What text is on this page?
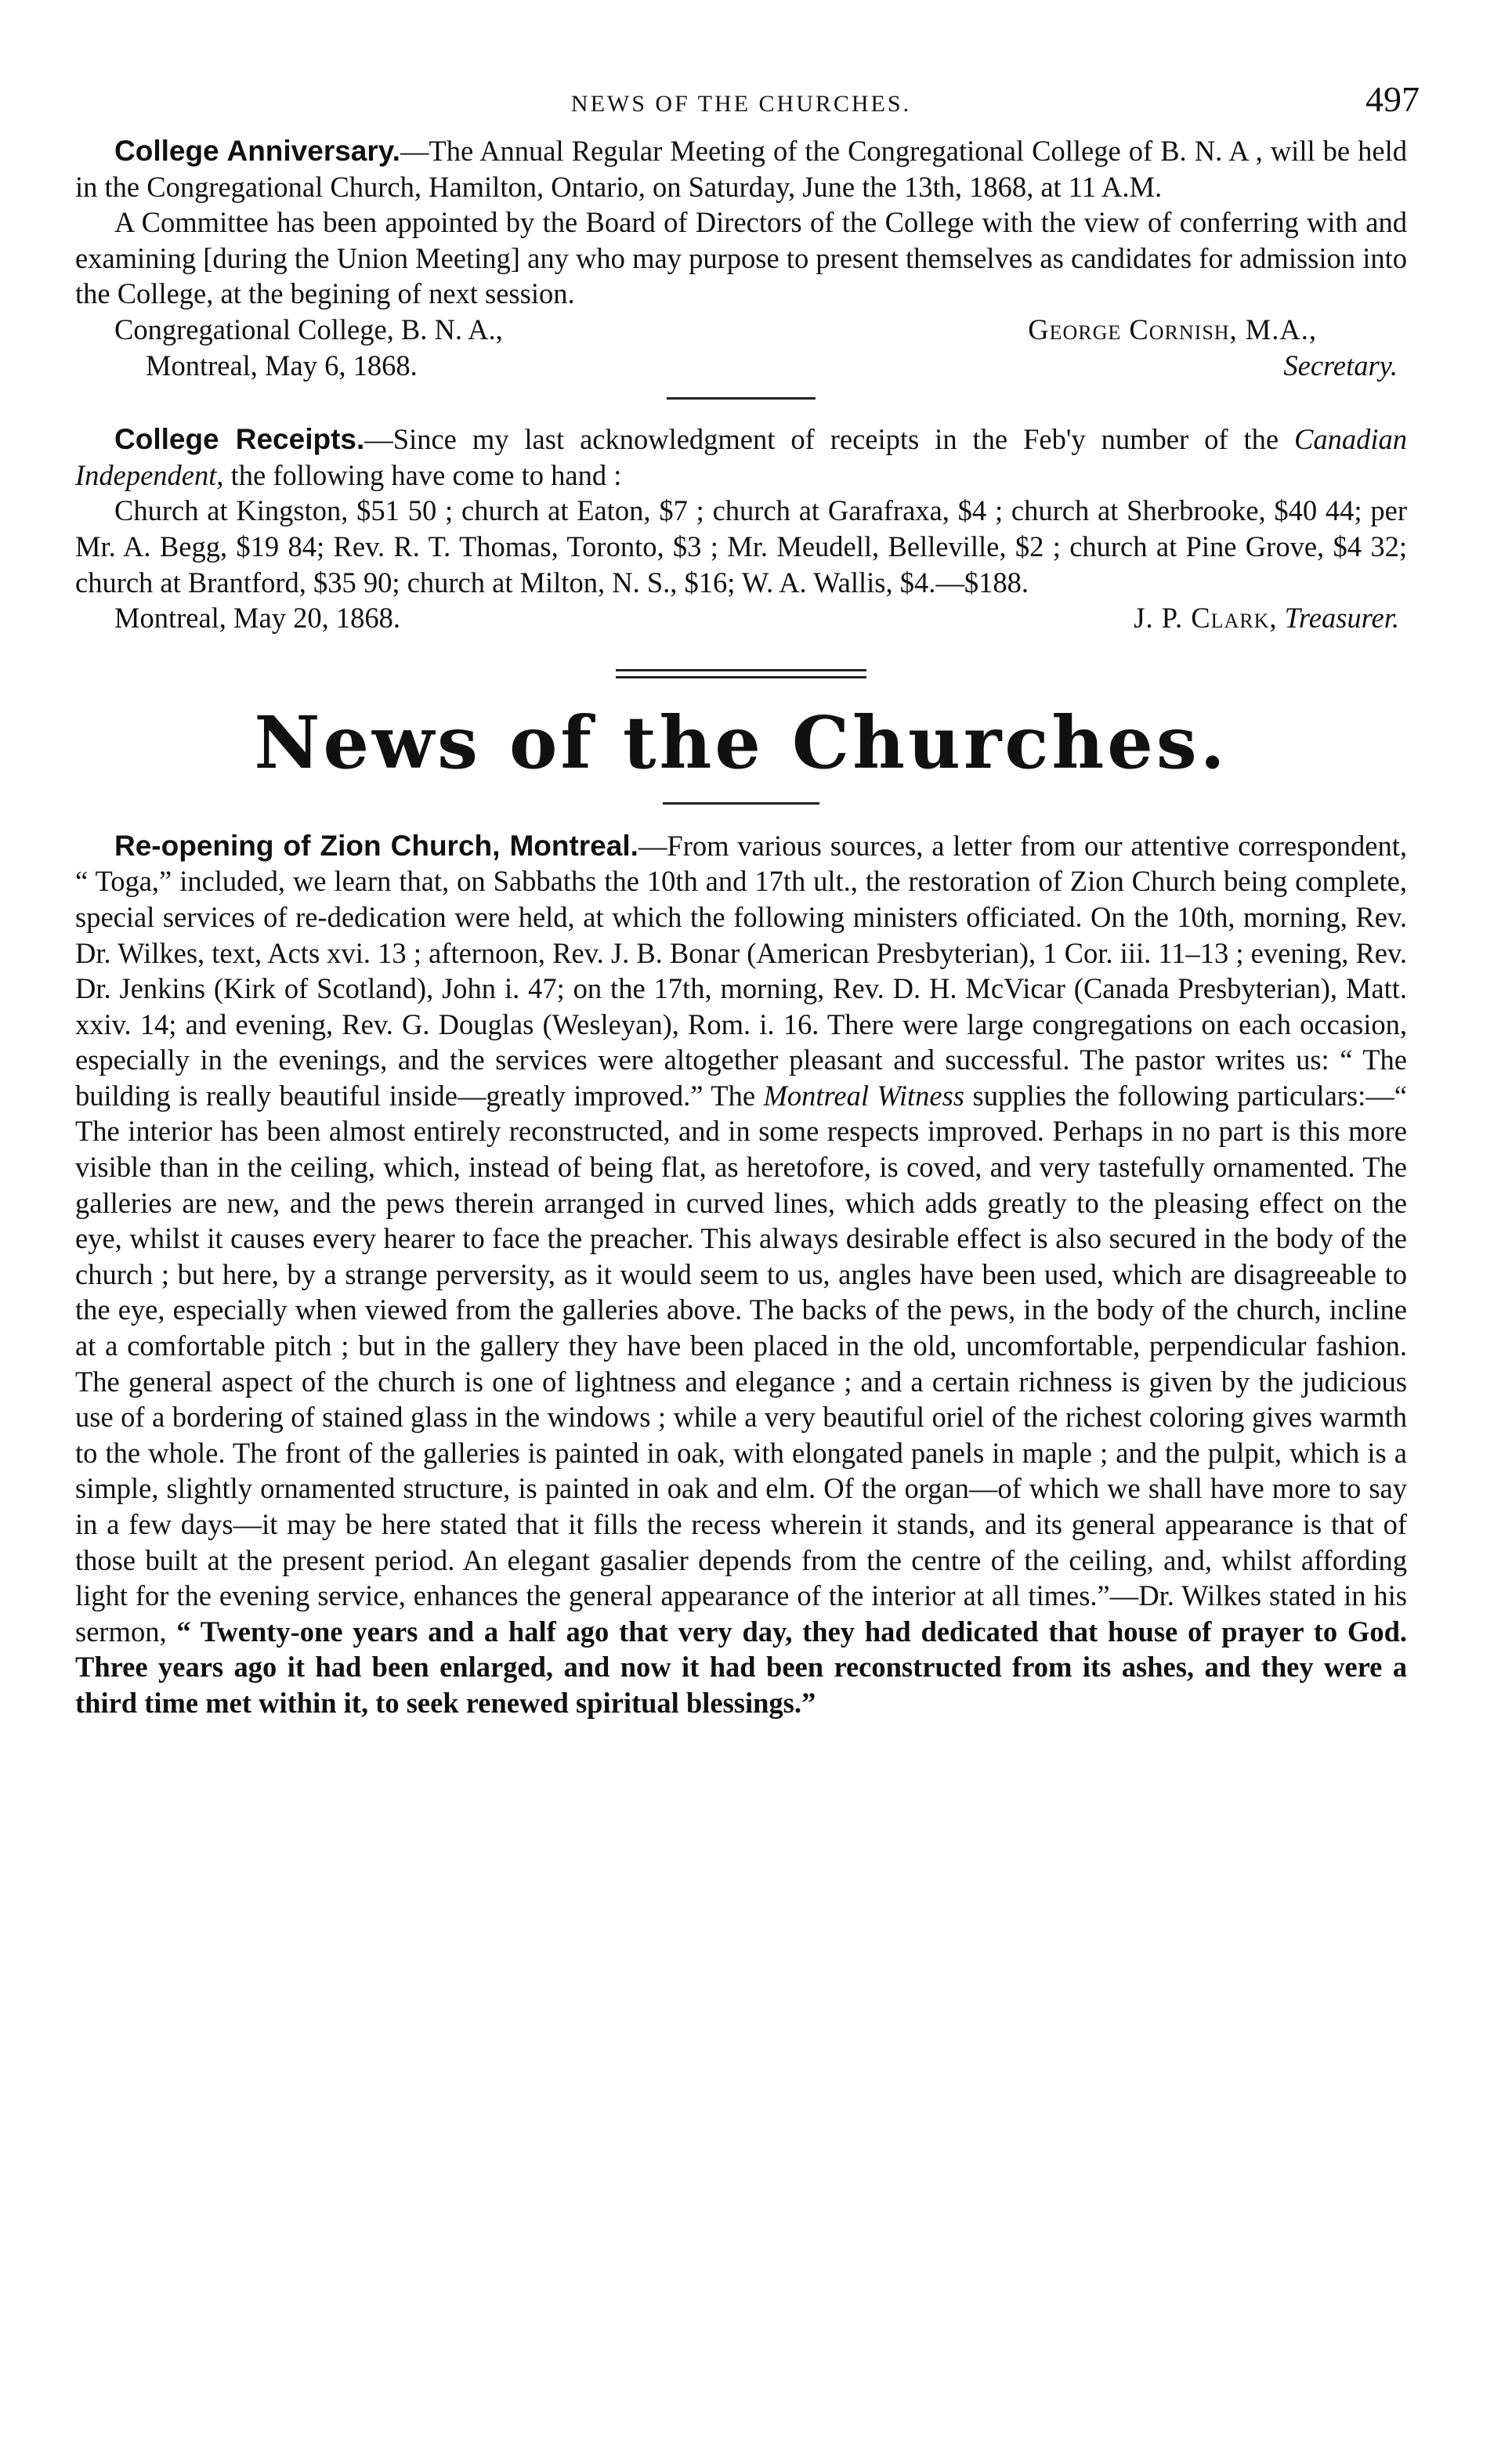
NEWS OF THE CHURCHES.	497

College Anniversary.—The Annual Regular Meeting of the Congregational College of B. N. A , will be held in the Congregational Church, Hamilton, Ontario, on Saturday, June the 13th, 1868, at 11 A.M.

A Committee has been appointed by the Board of Directors of the College with the view of conferring with and examining [during the Union Meeting] any who may purpose to present themselves as candidates for admission into the College, at the begining of next session.

Congregational College, B. N. A.,	George Cornish, M.A.,
Montreal, May 6, 1868.	Secretary.

College Receipts.—Since my last acknowledgment of receipts in the Feb'y number of the Canadian Independent, the following have come to hand :

Church at Kingston, $51 50 ; church at Eaton, $7 ; church at Garafraxa, $4 ; church at Sherbrooke, $40 44; per Mr. A. Begg, $19 84; Rev. R. T. Thomas, Toronto, $3 ; Mr. Meudell, Belleville, $2 ; church at Pine Grove, $4 32; church at Brantford, $35 90; church at Milton, N. S., $16; W. A. Wallis, $4.—$188.

Montreal, May 20, 1868.	J. P. Clark, Treasurer.
News of the Churches.

Re-opening of Zion Church, Montreal.—From various sources, a letter from our attentive correspondent, “ Toga,” included, we learn that, on Sabbaths the 10th and 17th ult., the restoration of Zion Church being complete, special services of re-dedication were held, at which the following ministers officiated. On the 10th, morning, Rev. Dr. Wilkes, text, Acts xvi. 13 ; afternoon, Rev. J. B. Bonar (American Presbyterian), 1 Cor. iii. 11–13 ; evening, Rev. Dr. Jenkins (Kirk of Scotland), John i. 47; on the 17th, morning, Rev. D. H. McVicar (Canada Presbyterian), Matt. xxiv. 14; and evening, Rev. G. Douglas (Wesleyan), Rom. i. 16. There were large congregations on each occasion, especially in the evenings, and the services were altogether pleasant and successful. The pastor writes us: “ The building is really beautiful inside—greatly improved.” The Montreal Witness supplies the following particulars:—“ The interior has been almost entirely reconstructed, and in some respects improved. Perhaps in no part is this more visible than in the ceiling, which, instead of being flat, as heretofore, is coved, and very tastefully ornamented. The galleries are new, and the pews therein arranged in curved lines, which adds greatly to the pleasing effect on the eye, whilst it causes every hearer to face the preacher. This always desirable effect is also secured in the body of the church ; but here, by a strange perversity, as it would seem to us, angles have been used, which are disagreeable to the eye, especially when viewed from the galleries above. The backs of the pews, in the body of the church, incline at a comfortable pitch ; but in the gallery they have been placed in the old, uncomfortable, perpendicular fashion. The general aspect of the church is one of lightness and elegance ; and a certain richness is given by the judicious use of a bordering of stained glass in the windows ; while a very beautiful oriel of the richest coloring gives warmth to the whole. The front of the galleries is painted in oak, with elongated panels in maple ; and the pulpit, which is a simple, slightly ornamented structure, is painted in oak and elm. Of the organ—of which we shall have more to say in a few days—it may be here stated that it fills the recess wherein it stands, and its general appearance is that of those built at the present period. An elegant gasalier depends from the centre of the ceiling, and, whilst affording light for the evening service, enhances the general appearance of the interior at all times.”—Dr. Wilkes stated in his sermon, “ Twenty-one years and a half ago that very day, they had dedicated that house of prayer to God. Three years ago it had been enlarged, and now it had been reconstructed from its ashes, and they were a third time met within it, to seek renewed spiritual blessings.”
